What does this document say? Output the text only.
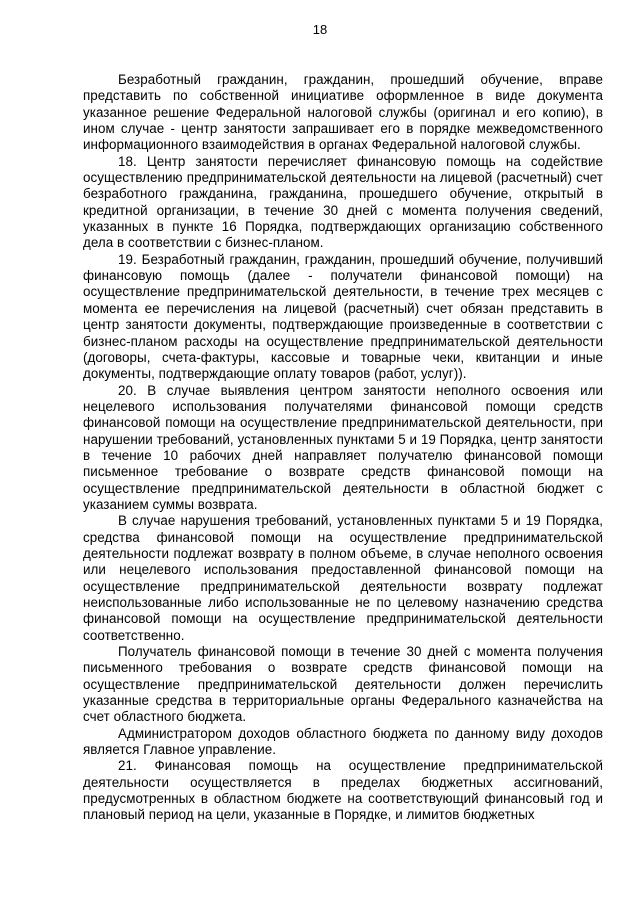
18

Безработный гражданин, гражданин, прошедший обучение, вправе представить по собственной инициативе оформленное в виде документа указанное решение Федеральной налоговой службы (оригинал и его копию), в ином случае - центр занятости запрашивает его в порядке межведомственного информационного взаимодействия в органах Федеральной налоговой службы.

18. Центр занятости перечисляет финансовую помощь на содействие осуществлению предпринимательской деятельности на лицевой (расчетный) счет безработного гражданина, гражданина, прошедшего обучение, открытый в кредитной организации, в течение 30 дней с момента получения сведений, указанных в пункте 16 Порядка, подтверждающих организацию собственного дела в соответствии с бизнес-планом.

19. Безработный гражданин, гражданин, прошедший обучение, получивший финансовую помощь (далее - получатели финансовой помощи) на осуществление предпринимательской деятельности, в течение трех месяцев с момента ее перечисления на лицевой (расчетный) счет обязан представить в центр занятости документы, подтверждающие произведенные в соответствии с бизнес-планом расходы на осуществление предпринимательской деятельности (договоры, счета-фактуры, кассовые и товарные чеки, квитанции и иные документы, подтверждающие оплату товаров (работ, услуг)).

20. В случае выявления центром занятости неполного освоения или нецелевого использования получателями финансовой помощи средств финансовой помощи на осуществление предпринимательской деятельности, при нарушении требований, установленных пунктами 5 и 19 Порядка, центр занятости в течение 10 рабочих дней направляет получателю финансовой помощи письменное требование о возврате средств финансовой помощи на осуществление предпринимательской деятельности в областной бюджет с указанием суммы возврата.

В случае нарушения требований, установленных пунктами 5 и 19 Порядка, средства финансовой помощи на осуществление предпринимательской деятельности подлежат возврату в полном объеме, в случае неполного освоения или нецелевого использования предоставленной финансовой помощи на осуществление предпринимательской деятельности возврату подлежат неиспользованные либо использованные не по целевому назначению средства финансовой помощи на осуществление предпринимательской деятельности соответственно.

Получатель финансовой помощи в течение 30 дней с момента получения письменного требования о возврате средств финансовой помощи на осуществление предпринимательской деятельности должен перечислить указанные средства в территориальные органы Федерального казначейства на счет областного бюджета.

Администратором доходов областного бюджета по данному виду доходов является Главное управление.

21. Финансовая помощь на осуществление предпринимательской деятельности осуществляется в пределах бюджетных ассигнований, предусмотренных в областном бюджете на соответствующий финансовый год и плановый период на цели, указанные в Порядке, и лимитов бюджетных
